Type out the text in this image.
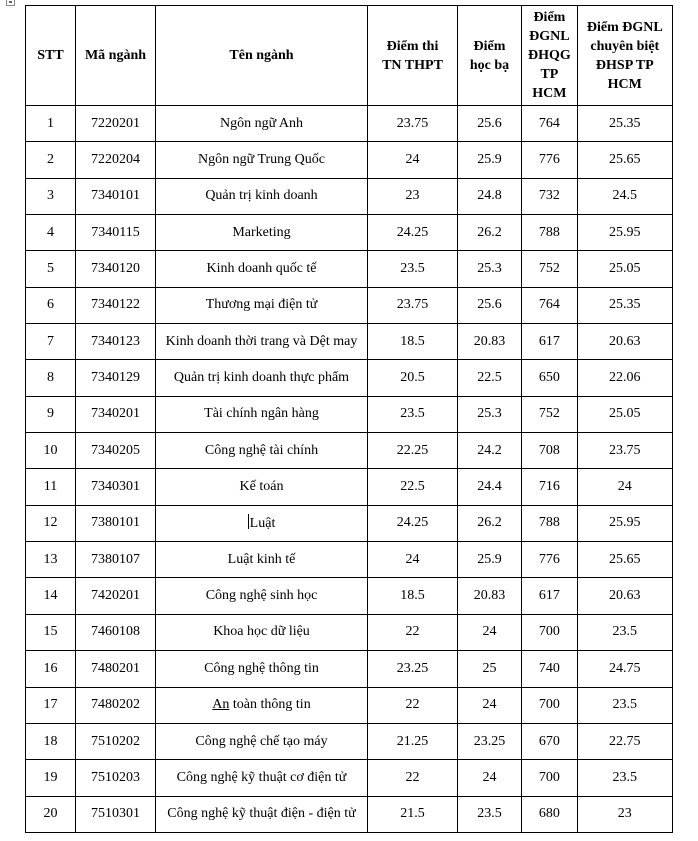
STT	Mã ngành	Tên ngành	Điểm thi TN THPT	Điểm học bạ	Điểm ĐGNL ĐHQG TP HCM	Điểm ĐGNL chuyên biệt ĐHSP TP HCM
1	7220201	Ngôn ngữ Anh	23.75	25.6	764	25.35
2	7220204	Ngôn ngữ Trung Quốc	24	25.9	776	25.65
3	7340101	Quản trị kinh doanh	23	24.8	732	24.5
4	7340115	Marketing	24.25	26.2	788	25.95
5	7340120	Kinh doanh quốc tế	23.5	25.3	752	25.05
6	7340122	Thương mại điện tử	23.75	25.6	764	25.35
7	7340123	Kinh doanh thời trang và Dệt may	18.5	20.83	617	20.63
8	7340129	Quản trị kinh doanh thực phẩm	20.5	22.5	650	22.06
9	7340201	Tài chính ngân hàng	23.5	25.3	752	25.05
10	7340205	Công nghệ tài chính	22.25	24.2	708	23.75
11	7340301	Kế toán	22.5	24.4	716	24
12	7380101	Luật	24.25	26.2	788	25.95
13	7380107	Luật kinh tế	24	25.9	776	25.65
14	7420201	Công nghệ sinh học	18.5	20.83	617	20.63
15	7460108	Khoa học dữ liệu	22	24	700	23.5
16	7480201	Công nghệ thông tin	23.25	25	740	24.75
17	7480202	An toàn thông tin	22	24	700	23.5
18	7510202	Công nghệ chế tạo máy	21.25	23.25	670	22.75
19	7510203	Công nghệ kỹ thuật cơ điện tử	22	24	700	23.5
20	7510301	Công nghệ kỹ thuật điện - điện tử	21.5	23.5	680	23
